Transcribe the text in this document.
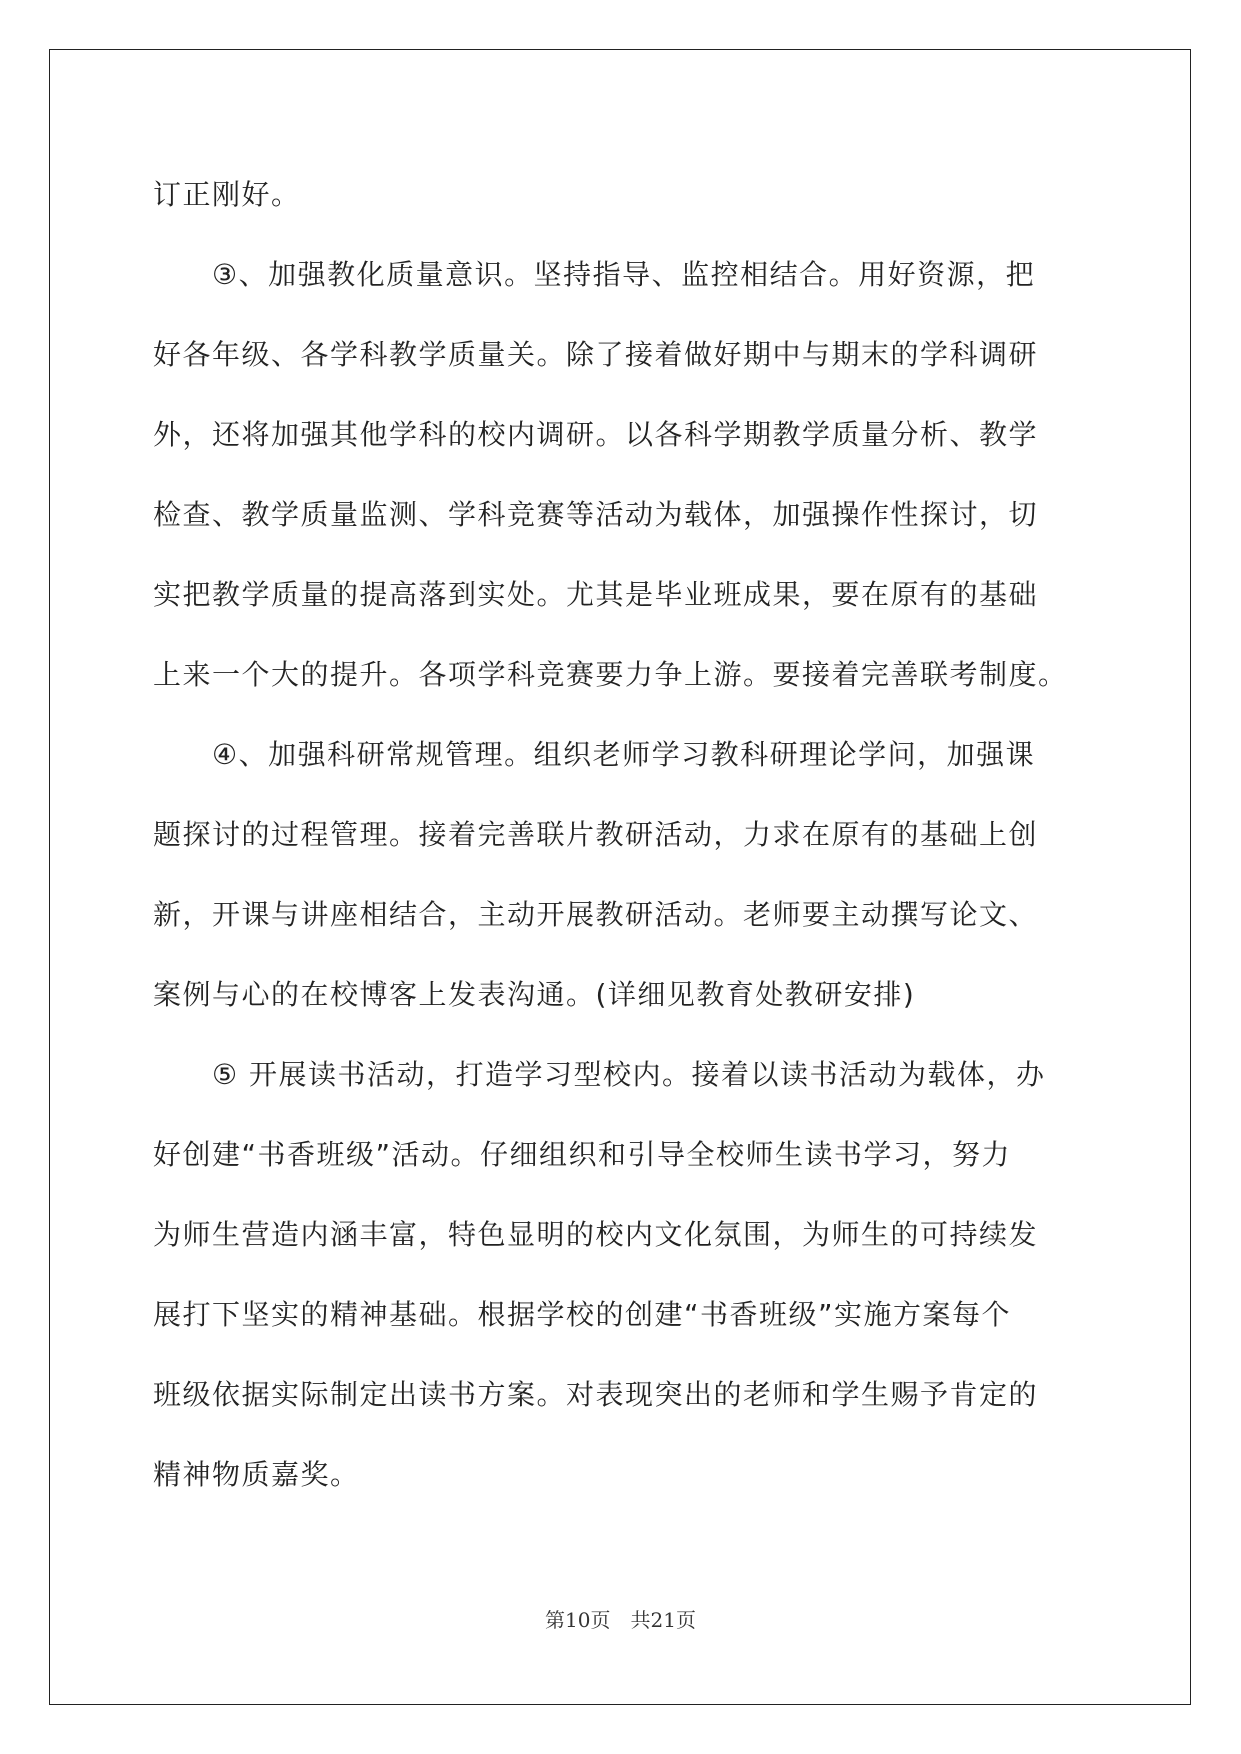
订正刚好。
　　③、加强教化质量意识。坚持指导、监控相结合。用好资源，把
好各年级、各学科教学质量关。除了接着做好期中与期末的学科调研
外，还将加强其他学科的校内调研。以各科学期教学质量分析、教学
检查、教学质量监测、学科竞赛等活动为载体，加强操作性探讨，切
实把教学质量的提高落到实处。尤其是毕业班成果，要在原有的基础
上来一个大的提升。各项学科竞赛要力争上游。要接着完善联考制度。
　　④、加强科研常规管理。组织老师学习教科研理论学问，加强课
题探讨的过程管理。接着完善联片教研活动，力求在原有的基础上创
新，开课与讲座相结合，主动开展教研活动。老师要主动撰写论文、
案例与心的在校博客上发表沟通。(详细见教育处教研安排)
　　⑤ 开展读书活动，打造学习型校内。接着以读书活动为载体，办
好创建“书香班级”活动。仔细组织和引导全校师生读书学习，努力
为师生营造内涵丰富，特色显明的校内文化氛围，为师生的可持续发
展打下坚实的精神基础。根据学校的创建“书香班级”实施方案每个
班级依据实际制定出读书方案。对表现突出的老师和学生赐予肯定的
精神物质嘉奖。
第10页　共21页
